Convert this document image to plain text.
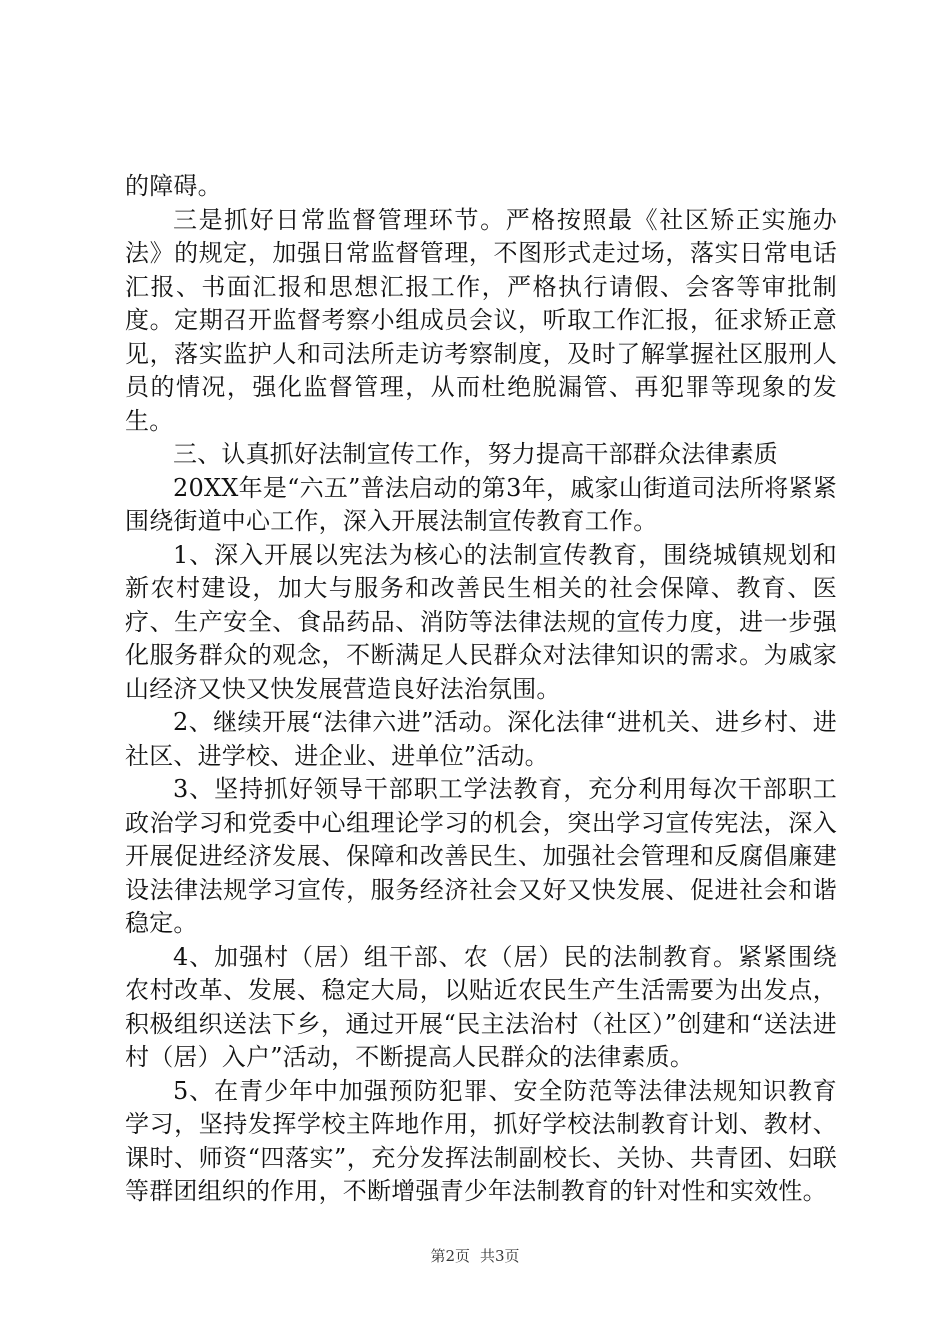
的障碍。

三是抓好日常监督管理环节。严格按照最《社区矫正实施办法》的规定，加强日常监督管理，不图形式走过场，落实日常电话汇报、书面汇报和思想汇报工作，严格执行请假、会客等审批制度。定期召开监督考察小组成员会议，听取工作汇报，征求矫正意见，落实监护人和司法所走访考察制度，及时了解掌握社区服刑人员的情况，强化监督管理，从而杜绝脱漏管、再犯罪等现象的发生。

三、认真抓好法制宣传工作，努力提高干部群众法律素质

20XX年是“六五”普法启动的第3年，戚家山街道司法所将紧紧围绕街道中心工作，深入开展法制宣传教育工作。

1、深入开展以宪法为核心的法制宣传教育，围绕城镇规划和新农村建设，加大与服务和改善民生相关的社会保障、教育、医疗、生产安全、食品药品、消防等法律法规的宣传力度，进一步强化服务群众的观念，不断满足人民群众对法律知识的需求。为戚家山经济又快又快发展营造良好法治氛围。

2、继续开展“法律六进”活动。深化法律“进机关、进乡村、进社区、进学校、进企业、进单位”活动。

3、坚持抓好领导干部职工学法教育，充分利用每次干部职工政治学习和党委中心组理论学习的机会，突出学习宣传宪法，深入开展促进经济发展、保障和改善民生、加强社会管理和反腐倡廉建设法律法规学习宣传，服务经济社会又好又快发展、促进社会和谐稳定。

4、加强村（居）组干部、农（居）民的法制教育。紧紧围绕农村改革、发展、稳定大局，以贴近农民生产生活需要为出发点，积极组织送法下乡，通过开展“民主法治村（社区）”创建和“送法进村（居）入户”活动，不断提高人民群众的法律素质。

5、在青少年中加强预防犯罪、安全防范等法律法规知识教育学习，坚持发挥学校主阵地作用，抓好学校法制教育计划、教材、课时、师资“四落实”，充分发挥法制副校长、关协、共青团、妇联等群团组织的作用，不断增强青少年法制教育的针对性和实效性。

第2页 共3页
